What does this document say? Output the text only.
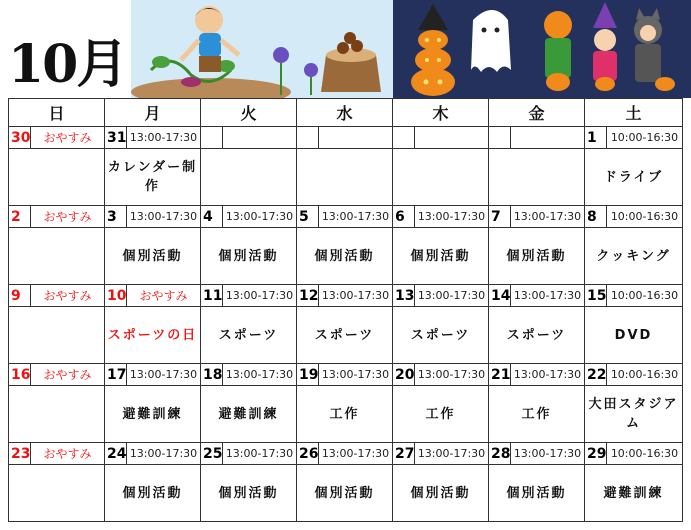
10月
日	月	火	水	木	金	土

30 おやすみ	31 13:00-17:30					1 10:00-16:30

	カレンダー制作					ドライブ

2 おやすみ	3 13:00-17:30	4 13:00-17:30	5 13:00-17:30	6 13:00-17:30	7 13:00-17:30	8 10:00-16:30

	個別活動	個別活動	個別活動	個別活動	個別活動	クッキング

9 おやすみ	10 おやすみ	11 13:00-17:30	12 13:00-17:30	13 13:00-17:30	14 13:00-17:30	15 10:00-16:30

	スポーツの日	スポーツ	スポーツ	スポーツ	スポーツ	DVD

16 おやすみ	17 13:00-17:30	18 13:00-17:30	19 13:00-17:30	20 13:00-17:30	21 13:00-17:30	22 10:00-16:30

	避難訓練	避難訓練	工作	工作	工作	大田スタジアム

23 おやすみ	24 13:00-17:30	25 13:00-17:30	26 13:00-17:30	27 13:00-17:30	28 13:00-17:30	29 10:00-16:30

	個別活動	個別活動	個別活動	個別活動	個別活動	避難訓練
